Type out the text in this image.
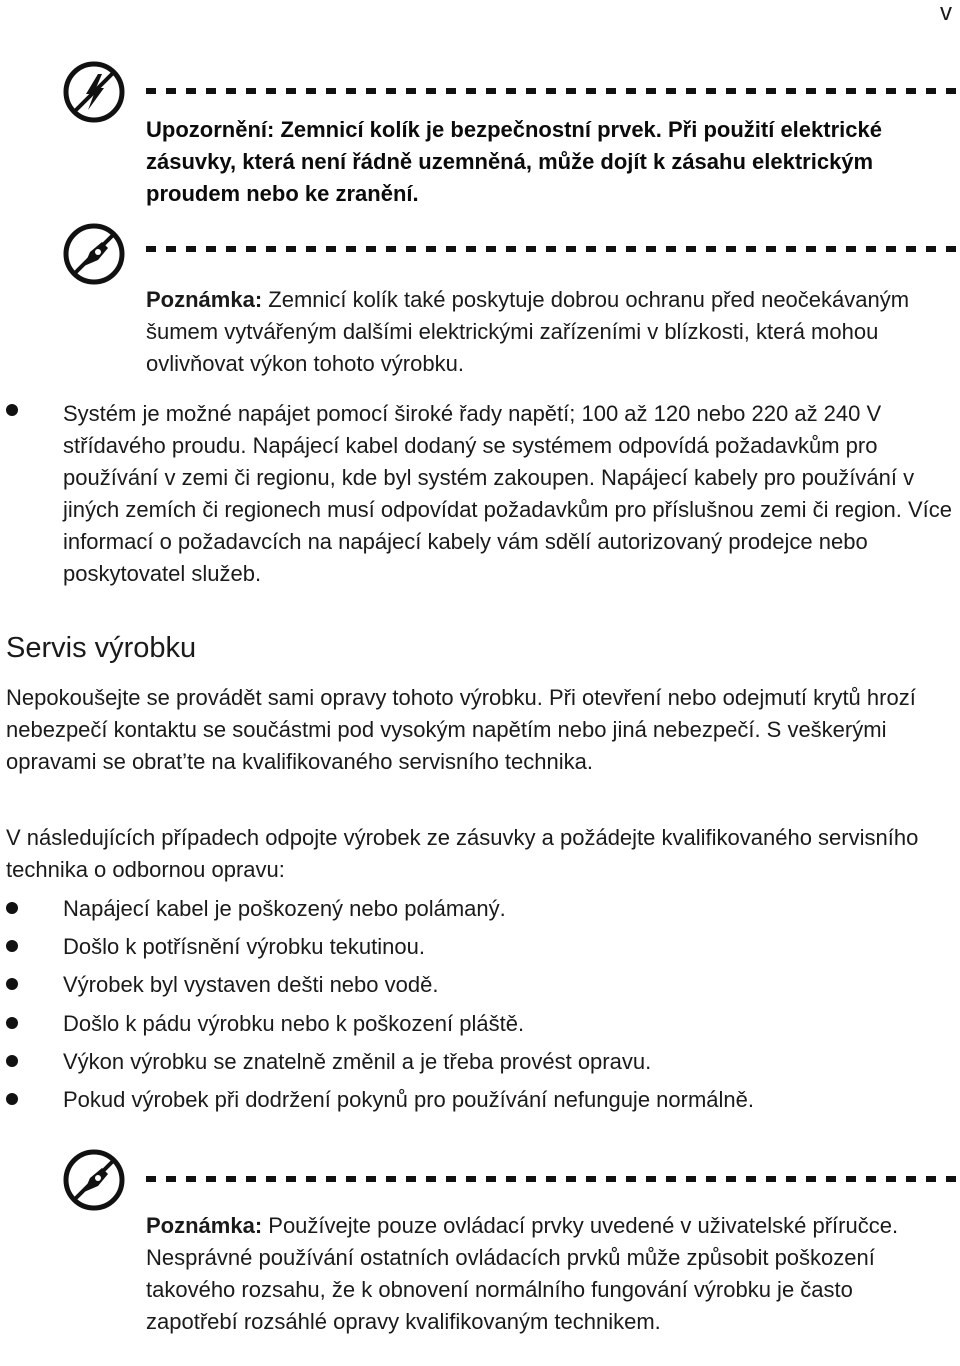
v
Upozornění: Zemnicí kolík je bezpečnostní prvek. Při použití elektrické zásuvky, která není řádně uzemněná, může dojít k zásahu elektrickým proudem nebo ke zranění.
Poznámka: Zemnicí kolík také poskytuje dobrou ochranu před neočekávaným šumem vytvářeným dalšími elektrickými zařízeními v blízkosti, která mohou ovlivňovat výkon tohoto výrobku.
Systém je možné napájet pomocí široké řady napětí; 100 až 120 nebo 220 až 240 V střídavého proudu. Napájecí kabel dodaný se systémem odpovídá požadavkům pro používání v zemi či regionu, kde byl systém zakoupen. Napájecí kabely pro používání v jiných zemích či regionech musí odpovídat požadavkům pro příslušnou zemi či region. Více informací o požadavcích na napájecí kabely vám sdělí autorizovaný prodejce nebo poskytovatel služeb.
Servis výrobku
Nepokoušejte se provádět sami opravy tohoto výrobku. Při otevření nebo odejmutí krytů hrozí nebezpečí kontaktu se součástmi pod vysokým napětím nebo jiná nebezpečí. S veškerými opravami se obrat’te na kvalifikovaného servisního technika.
V následujících případech odpojte výrobek ze zásuvky a požádejte kvalifikovaného servisního technika o odbornou opravu:
Napájecí kabel je poškozený nebo polámaný.
Došlo k potřísnění výrobku tekutinou.
Výrobek byl vystaven dešti nebo vodě.
Došlo k pádu výrobku nebo k poškození pláště.
Výkon výrobku se znatelně změnil a je třeba provést opravu.
Pokud výrobek při dodržení pokynů pro používání nefunguje normálně.
Poznámka: Používejte pouze ovládací prvky uvedené v uživatelské příručce. Nesprávné používání ostatních ovládacích prvků může způsobit poškození takového rozsahu, že k obnovení normálního fungování výrobku je často zapotřebí rozsáhlé opravy kvalifikovaným technikem.
